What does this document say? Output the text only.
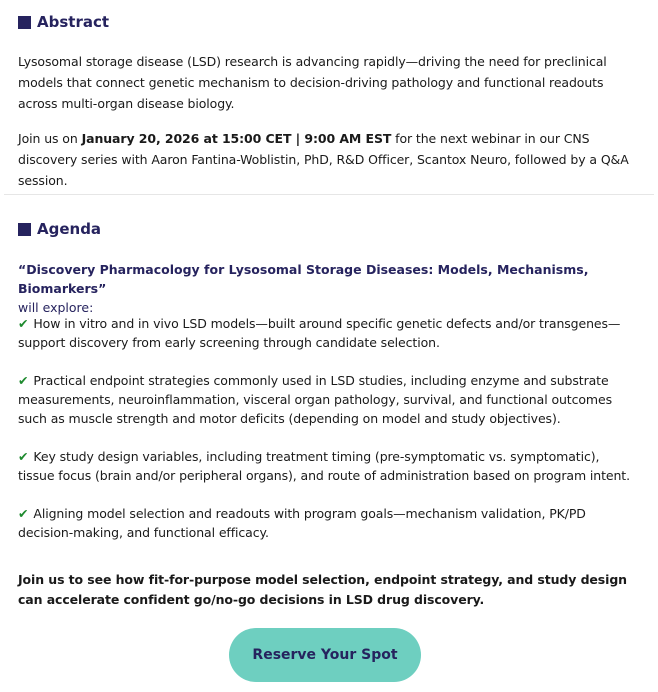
Abstract

Lysosomal storage disease (LSD) research is advancing rapidly—driving the need for preclinical models that connect genetic mechanism to decision-driving pathology and functional readouts across multi-organ disease biology.

Join us on January 20, 2026 at 15:00 CET | 9:00 AM EST for the next webinar in our CNS discovery series with Aaron Fantina-Woblistin, PhD, R&D Officer, Scantox Neuro, followed by a Q&A session.

Agenda
“Discovery Pharmacology for Lysosomal Storage Diseases: Models, Mechanisms, Biomarkers”
will explore:
✔ How in vitro and in vivo LSD models—built around specific genetic defects and/or transgenes—support discovery from early screening through candidate selection.
✔ Practical endpoint strategies commonly used in LSD studies, including enzyme and substrate measurements, neuroinflammation, visceral organ pathology, survival, and functional outcomes such as muscle strength and motor deficits (depending on model and study objectives).
✔ Key study design variables, including treatment timing (pre-symptomatic vs. symptomatic), tissue focus (brain and/or peripheral organs), and route of administration based on program intent.
✔ Aligning model selection and readouts with program goals—mechanism validation, PK/PD decision-making, and functional efficacy.
Join us to see how fit-for-purpose model selection, endpoint strategy, and study design can accelerate confident go/no-go decisions in LSD drug discovery.
Reserve Your Spot
